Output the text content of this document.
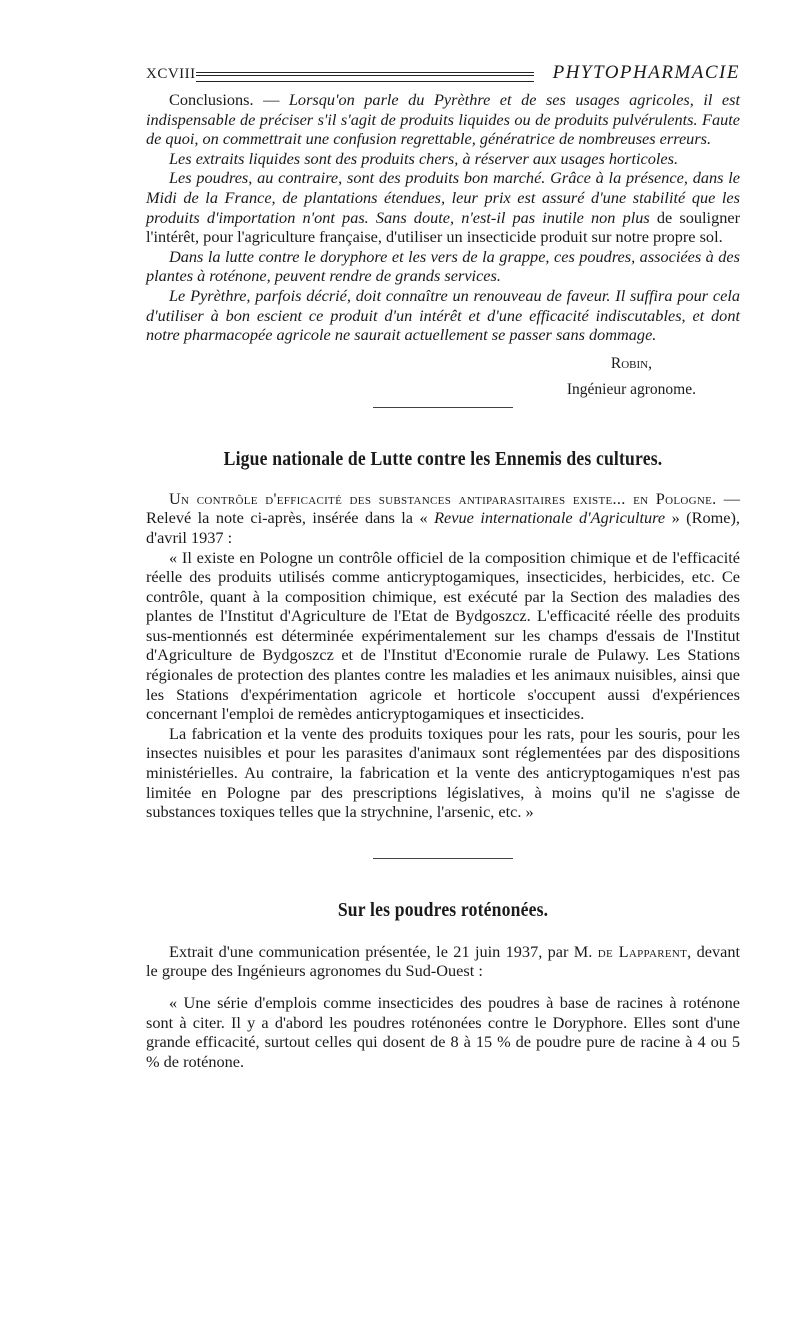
XCVIII	PHYTOPHARMACIE

Conclusions. — Lorsqu'on parle du Pyrèthre et de ses usages agricoles, il est indispensable de préciser s'il s'agit de produits liquides ou de produits pulvérulents. Faute de quoi, on commettrait une confusion regrettable, génératrice de nombreuses erreurs.

Les extraits liquides sont des produits chers, à réserver aux usages horticoles.

Les poudres, au contraire, sont des produits bon marché. Grâce à la présence, dans le Midi de la France, de plantations étendues, leur prix est assuré d'une stabilité que les produits d'importation n'ont pas. Sans doute, n'est-il pas inutile non plus de souligner l'intérêt, pour l'agriculture française, d'utiliser un insecticide produit sur notre propre sol.

Dans la lutte contre le doryphore et les vers de la grappe, ces poudres, associées à des plantes à roténone, peuvent rendre de grands services.

Le Pyrèthre, parfois décrié, doit connaître un renouveau de faveur. Il suffira pour cela d'utiliser à bon escient ce produit d'un intérêt et d'une efficacité indiscutables, et dont notre pharmacopée agricole ne saurait actuellement se passer sans dommage.

Robin,
Ingénieur agronome.
Ligue nationale de Lutte contre les Ennemis des cultures.

Un contrôle d'efficacité des substances antiparasitaires existe... en Pologne. — Relevé la note ci-après, insérée dans la « Revue internationale d'Agriculture » (Rome), d'avril 1937 :

« Il existe en Pologne un contrôle officiel de la composition chimique et de l'efficacité réelle des produits utilisés comme anticryptogamiques, insecticides, herbicides, etc. Ce contrôle, quant à la composition chimique, est exécuté par la Section des maladies des plantes de l'Institut d'Agriculture de l'Etat de Bydgoszcz. L'efficacité réelle des produits sus-mentionnés est déterminée expérimentalement sur les champs d'essais de l'Institut d'Agriculture de Bydgoszcz et de l'Institut d'Economie rurale de Pulawy. Les Stations régionales de protection des plantes contre les maladies et les animaux nuisibles, ainsi que les Stations d'expérimentation agricole et horticole s'occupent aussi d'expériences concernant l'emploi de remèdes anticryptogamiques et insecticides.

La fabrication et la vente des produits toxiques pour les rats, pour les souris, pour les insectes nuisibles et pour les parasites d'animaux sont réglementées par des dispositions ministérielles. Au contraire, la fabrication et la vente des anticryptogamiques n'est pas limitée en Pologne par des prescriptions législatives, à moins qu'il ne s'agisse de substances toxiques telles que la strychnine, l'arsenic, etc. »

Sur les poudres roténonées.

Extrait d'une communication présentée, le 21 juin 1937, par M. de Lapparent, devant le groupe des Ingénieurs agronomes du Sud-Ouest :

« Une série d'emplois comme insecticides des poudres à base de racines à roténone sont à citer. Il y a d'abord les poudres roténonées contre le Doryphore. Elles sont d'une grande efficacité, surtout celles qui dosent de 8 à 15 % de poudre pure de racine à 4 ou 5 % de roténone.
